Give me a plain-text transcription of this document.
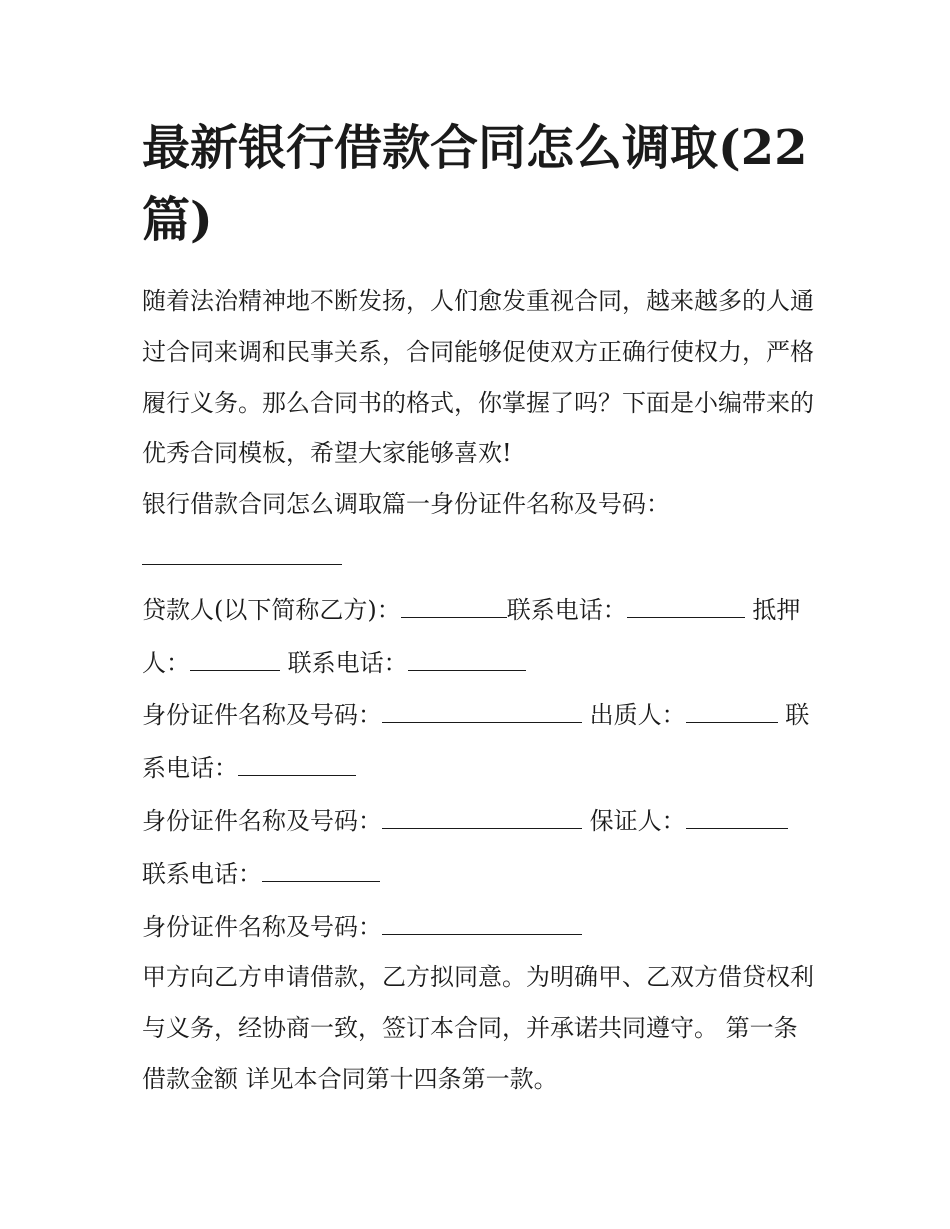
最新银行借款合同怎么调取(22篇)

随着法治精神地不断发扬，人们愈发重视合同，越来越多的人通过合同来调和民事关系，合同能够促使双方正确行使权力，严格履行义务。那么合同书的格式，你掌握了吗？下面是小编带来的优秀合同模板，希望大家能够喜欢!

银行借款合同怎么调取篇一身份证件名称及号码：

贷款人(以下简称乙方)：	联系电话：	抵押人：	联系电话：

身份证件名称及号码：	出质人：	联系电话：

身份证件名称及号码：	保证人： 联系电话：

身份证件名称及号码：

甲方向乙方申请借款，乙方拟同意。为明确甲、乙双方借贷权利与义务，经协商一致，签订本合同，并承诺共同遵守。 第一条 借款金额 详见本合同第十四条第一款。
